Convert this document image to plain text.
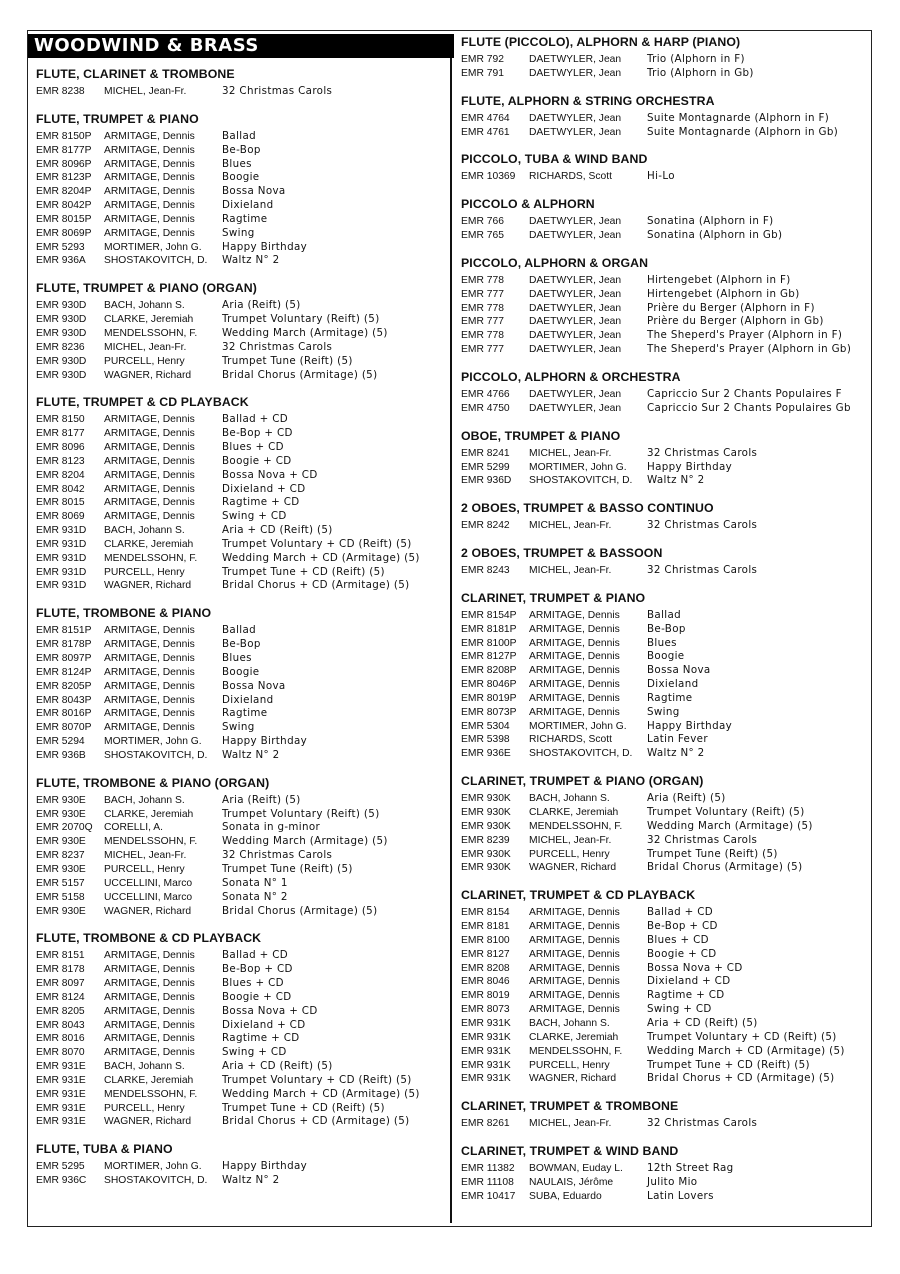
WOODWIND & BRASS
FLUTE, CLARINET & TROMBONE
EMR 8238	MICHEL, Jean-Fr.	32 Christmas Carols
FLUTE, TRUMPET & PIANO
EMR 8150P	ARMITAGE, Dennis	Ballad
EMR 8177P	ARMITAGE, Dennis	Be-Bop
EMR 8096P	ARMITAGE, Dennis	Blues
EMR 8123P	ARMITAGE, Dennis	Boogie
EMR 8204P	ARMITAGE, Dennis	Bossa Nova
EMR 8042P	ARMITAGE, Dennis	Dixieland
EMR 8015P	ARMITAGE, Dennis	Ragtime
EMR 8069P	ARMITAGE, Dennis	Swing
EMR 5293	MORTIMER, John G.	Happy Birthday
EMR 936A	SHOSTAKOVITCH, D.	Waltz N° 2
FLUTE, TRUMPET & PIANO (ORGAN)
EMR 930D	BACH, Johann S.	Aria (Reift) (5)
EMR 930D	CLARKE, Jeremiah	Trumpet Voluntary (Reift) (5)
EMR 930D	MENDELSSOHN, F.	Wedding March (Armitage) (5)
EMR 8236	MICHEL, Jean-Fr.	32 Christmas Carols
EMR 930D	PURCELL, Henry	Trumpet Tune (Reift) (5)
EMR 930D	WAGNER, Richard	Bridal Chorus (Armitage) (5)
FLUTE, TRUMPET & CD PLAYBACK
EMR 8150	ARMITAGE, Dennis	Ballad + CD
EMR 8177	ARMITAGE, Dennis	Be-Bop + CD
EMR 8096	ARMITAGE, Dennis	Blues + CD
EMR 8123	ARMITAGE, Dennis	Boogie + CD
EMR 8204	ARMITAGE, Dennis	Bossa Nova + CD
EMR 8042	ARMITAGE, Dennis	Dixieland + CD
EMR 8015	ARMITAGE, Dennis	Ragtime + CD
EMR 8069	ARMITAGE, Dennis	Swing + CD
EMR 931D	BACH, Johann S.	Aria + CD (Reift) (5)
EMR 931D	CLARKE, Jeremiah	Trumpet Voluntary + CD (Reift) (5)
EMR 931D	MENDELSSOHN, F.	Wedding March + CD (Armitage) (5)
EMR 931D	PURCELL, Henry	Trumpet Tune + CD (Reift) (5)
EMR 931D	WAGNER, Richard	Bridal Chorus + CD (Armitage) (5)
FLUTE, TROMBONE & PIANO
EMR 8151P	ARMITAGE, Dennis	Ballad
EMR 8178P	ARMITAGE, Dennis	Be-Bop
EMR 8097P	ARMITAGE, Dennis	Blues
EMR 8124P	ARMITAGE, Dennis	Boogie
EMR 8205P	ARMITAGE, Dennis	Bossa Nova
EMR 8043P	ARMITAGE, Dennis	Dixieland
EMR 8016P	ARMITAGE, Dennis	Ragtime
EMR 8070P	ARMITAGE, Dennis	Swing
EMR 5294	MORTIMER, John G.	Happy Birthday
EMR 936B	SHOSTAKOVITCH, D.	Waltz N° 2
FLUTE, TROMBONE & PIANO (ORGAN)
EMR 930E	BACH, Johann S.	Aria (Reift) (5)
EMR 930E	CLARKE, Jeremiah	Trumpet Voluntary (Reift) (5)
EMR 2070Q	CORELLI, A.	Sonata in g-minor
EMR 930E	MENDELSSOHN, F.	Wedding March (Armitage) (5)
EMR 8237	MICHEL, Jean-Fr.	32 Christmas Carols
EMR 930E	PURCELL, Henry	Trumpet Tune (Reift) (5)
EMR 5157	UCCELLINI, Marco	Sonata N° 1
EMR 5158	UCCELLINI, Marco	Sonata N° 2
EMR 930E	WAGNER, Richard	Bridal Chorus (Armitage) (5)
FLUTE, TROMBONE & CD PLAYBACK
EMR 8151	ARMITAGE, Dennis	Ballad + CD
EMR 8178	ARMITAGE, Dennis	Be-Bop + CD
EMR 8097	ARMITAGE, Dennis	Blues + CD
EMR 8124	ARMITAGE, Dennis	Boogie + CD
EMR 8205	ARMITAGE, Dennis	Bossa Nova + CD
EMR 8043	ARMITAGE, Dennis	Dixieland + CD
EMR 8016	ARMITAGE, Dennis	Ragtime + CD
EMR 8070	ARMITAGE, Dennis	Swing + CD
EMR 931E	BACH, Johann S.	Aria + CD (Reift) (5)
EMR 931E	CLARKE, Jeremiah	Trumpet Voluntary + CD (Reift) (5)
EMR 931E	MENDELSSOHN, F.	Wedding March + CD (Armitage) (5)
EMR 931E	PURCELL, Henry	Trumpet Tune + CD (Reift) (5)
EMR 931E	WAGNER, Richard	Bridal Chorus + CD (Armitage) (5)
FLUTE, TUBA & PIANO
EMR 5295	MORTIMER, John G.	Happy Birthday
EMR 936C	SHOSTAKOVITCH, D.	Waltz N° 2
FLUTE (PICCOLO), ALPHORN & HARP (PIANO)
EMR 792	DAETWYLER, Jean	Trio (Alphorn in F)
EMR 791	DAETWYLER, Jean	Trio (Alphorn in Gb)
FLUTE, ALPHORN & STRING ORCHESTRA
EMR 4764	DAETWYLER, Jean	Suite Montagnarde (Alphorn in F)
EMR 4761	DAETWYLER, Jean	Suite Montagnarde (Alphorn in Gb)
PICCOLO, TUBA & WIND BAND
EMR 10369	RICHARDS, Scott	Hi-Lo
PICCOLO & ALPHORN
EMR 766	DAETWYLER, Jean	Sonatina (Alphorn in F)
EMR 765	DAETWYLER, Jean	Sonatina (Alphorn in Gb)
PICCOLO, ALPHORN & ORGAN
EMR 778	DAETWYLER, Jean	Hirtengebet (Alphorn in F)
EMR 777	DAETWYLER, Jean	Hirtengebet (Alphorn in Gb)
EMR 778	DAETWYLER, Jean	Prière du Berger (Alphorn in F)
EMR 777	DAETWYLER, Jean	Prière du Berger (Alphorn in Gb)
EMR 778	DAETWYLER, Jean	The Sheperd's Prayer (Alphorn in F)
EMR 777	DAETWYLER, Jean	The Sheperd's Prayer (Alphorn in Gb)
PICCOLO, ALPHORN & ORCHESTRA
EMR 4766	DAETWYLER, Jean	Capriccio Sur 2 Chants Populaires F
EMR 4750	DAETWYLER, Jean	Capriccio Sur 2 Chants Populaires Gb
OBOE, TRUMPET & PIANO
EMR 8241	MICHEL, Jean-Fr.	32 Christmas Carols
EMR 5299	MORTIMER, John G.	Happy Birthday
EMR 936D	SHOSTAKOVITCH, D.	Waltz N° 2
2 OBOES, TRUMPET & BASSO CONTINUO
EMR 8242	MICHEL, Jean-Fr.	32 Christmas Carols
2 OBOES, TRUMPET & BASSOON
EMR 8243	MICHEL, Jean-Fr.	32 Christmas Carols
CLARINET, TRUMPET & PIANO
EMR 8154P	ARMITAGE, Dennis	Ballad
EMR 8181P	ARMITAGE, Dennis	Be-Bop
EMR 8100P	ARMITAGE, Dennis	Blues
EMR 8127P	ARMITAGE, Dennis	Boogie
EMR 8208P	ARMITAGE, Dennis	Bossa Nova
EMR 8046P	ARMITAGE, Dennis	Dixieland
EMR 8019P	ARMITAGE, Dennis	Ragtime
EMR 8073P	ARMITAGE, Dennis	Swing
EMR 5304	MORTIMER, John G.	Happy Birthday
EMR 5398	RICHARDS, Scott	Latin Fever
EMR 936E	SHOSTAKOVITCH, D.	Waltz N° 2
CLARINET, TRUMPET & PIANO (ORGAN)
EMR 930K	BACH, Johann S.	Aria (Reift) (5)
EMR 930K	CLARKE, Jeremiah	Trumpet Voluntary (Reift) (5)
EMR 930K	MENDELSSOHN, F.	Wedding March (Armitage) (5)
EMR 8239	MICHEL, Jean-Fr.	32 Christmas Carols
EMR 930K	PURCELL, Henry	Trumpet Tune (Reift) (5)
EMR 930K	WAGNER, Richard	Bridal Chorus (Armitage) (5)
CLARINET, TRUMPET & CD PLAYBACK
EMR 8154	ARMITAGE, Dennis	Ballad + CD
EMR 8181	ARMITAGE, Dennis	Be-Bop + CD
EMR 8100	ARMITAGE, Dennis	Blues + CD
EMR 8127	ARMITAGE, Dennis	Boogie + CD
EMR 8208	ARMITAGE, Dennis	Bossa Nova + CD
EMR 8046	ARMITAGE, Dennis	Dixieland + CD
EMR 8019	ARMITAGE, Dennis	Ragtime + CD
EMR 8073	ARMITAGE, Dennis	Swing + CD
EMR 931K	BACH, Johann S.	Aria + CD (Reift) (5)
EMR 931K	CLARKE, Jeremiah	Trumpet Voluntary + CD (Reift) (5)
EMR 931K	MENDELSSOHN, F.	Wedding March + CD (Armitage) (5)
EMR 931K	PURCELL, Henry	Trumpet Tune + CD (Reift) (5)
EMR 931K	WAGNER, Richard	Bridal Chorus + CD (Armitage) (5)
CLARINET, TRUMPET & TROMBONE
EMR 8261	MICHEL, Jean-Fr.	32 Christmas Carols
CLARINET, TRUMPET & WIND BAND
EMR 11382	BOWMAN, Euday L.	12th Street Rag
EMR 11108	NAULAIS, Jérôme	Julito Mio
EMR 10417	SUBA, Eduardo	Latin Lovers
